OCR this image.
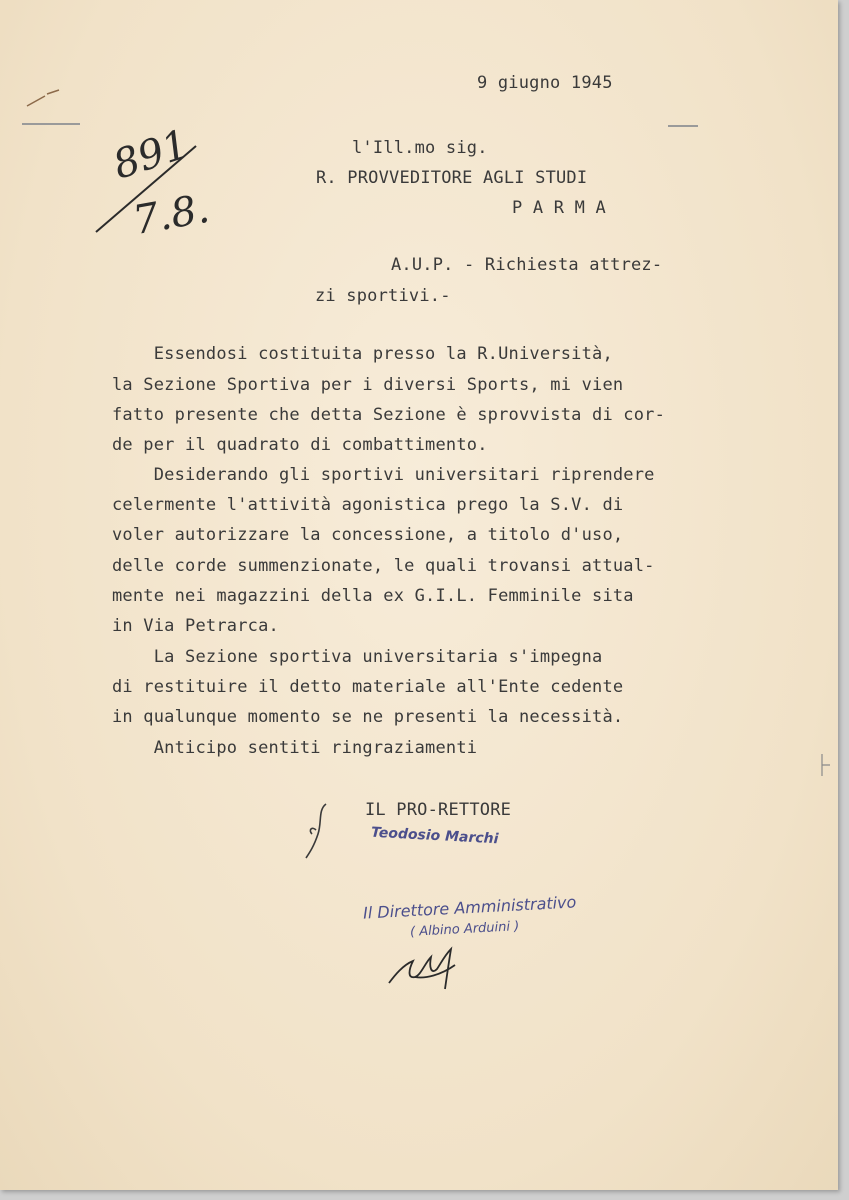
891
7.8.
9 giugno 1945
l'Ill.mo sig.
R. PROVVEDITORE AGLI STUDI
P A R M A
A.U.P. - Richiesta attrez-
zi sportivi.-
Essendosi costituita presso la R.Università,
la Sezione Sportiva per i diversi Sports, mi vien
fatto presente che detta Sezione è sprovvista di cor-
de per il quadrato di combattimento.
Desiderando gli sportivi universitari riprendere
celermente l'attività agonistica prego la S.V. di
voler autorizzare la concessione, a titolo d'uso,
delle corde summenzionate, le quali trovansi attual-
mente nei magazzini della ex G.I.L. Femminile sita
in Via Petrarca.
La Sezione sportiva universitaria s'impegna
di restituire il detto materiale all'Ente cedente
in qualunque momento se ne presenti la necessità.
Anticipo sentiti ringraziamenti
IL PRO-RETTORE
Teodosio Marchi
Il Direttore Amministrativo
( Albino Arduini )
